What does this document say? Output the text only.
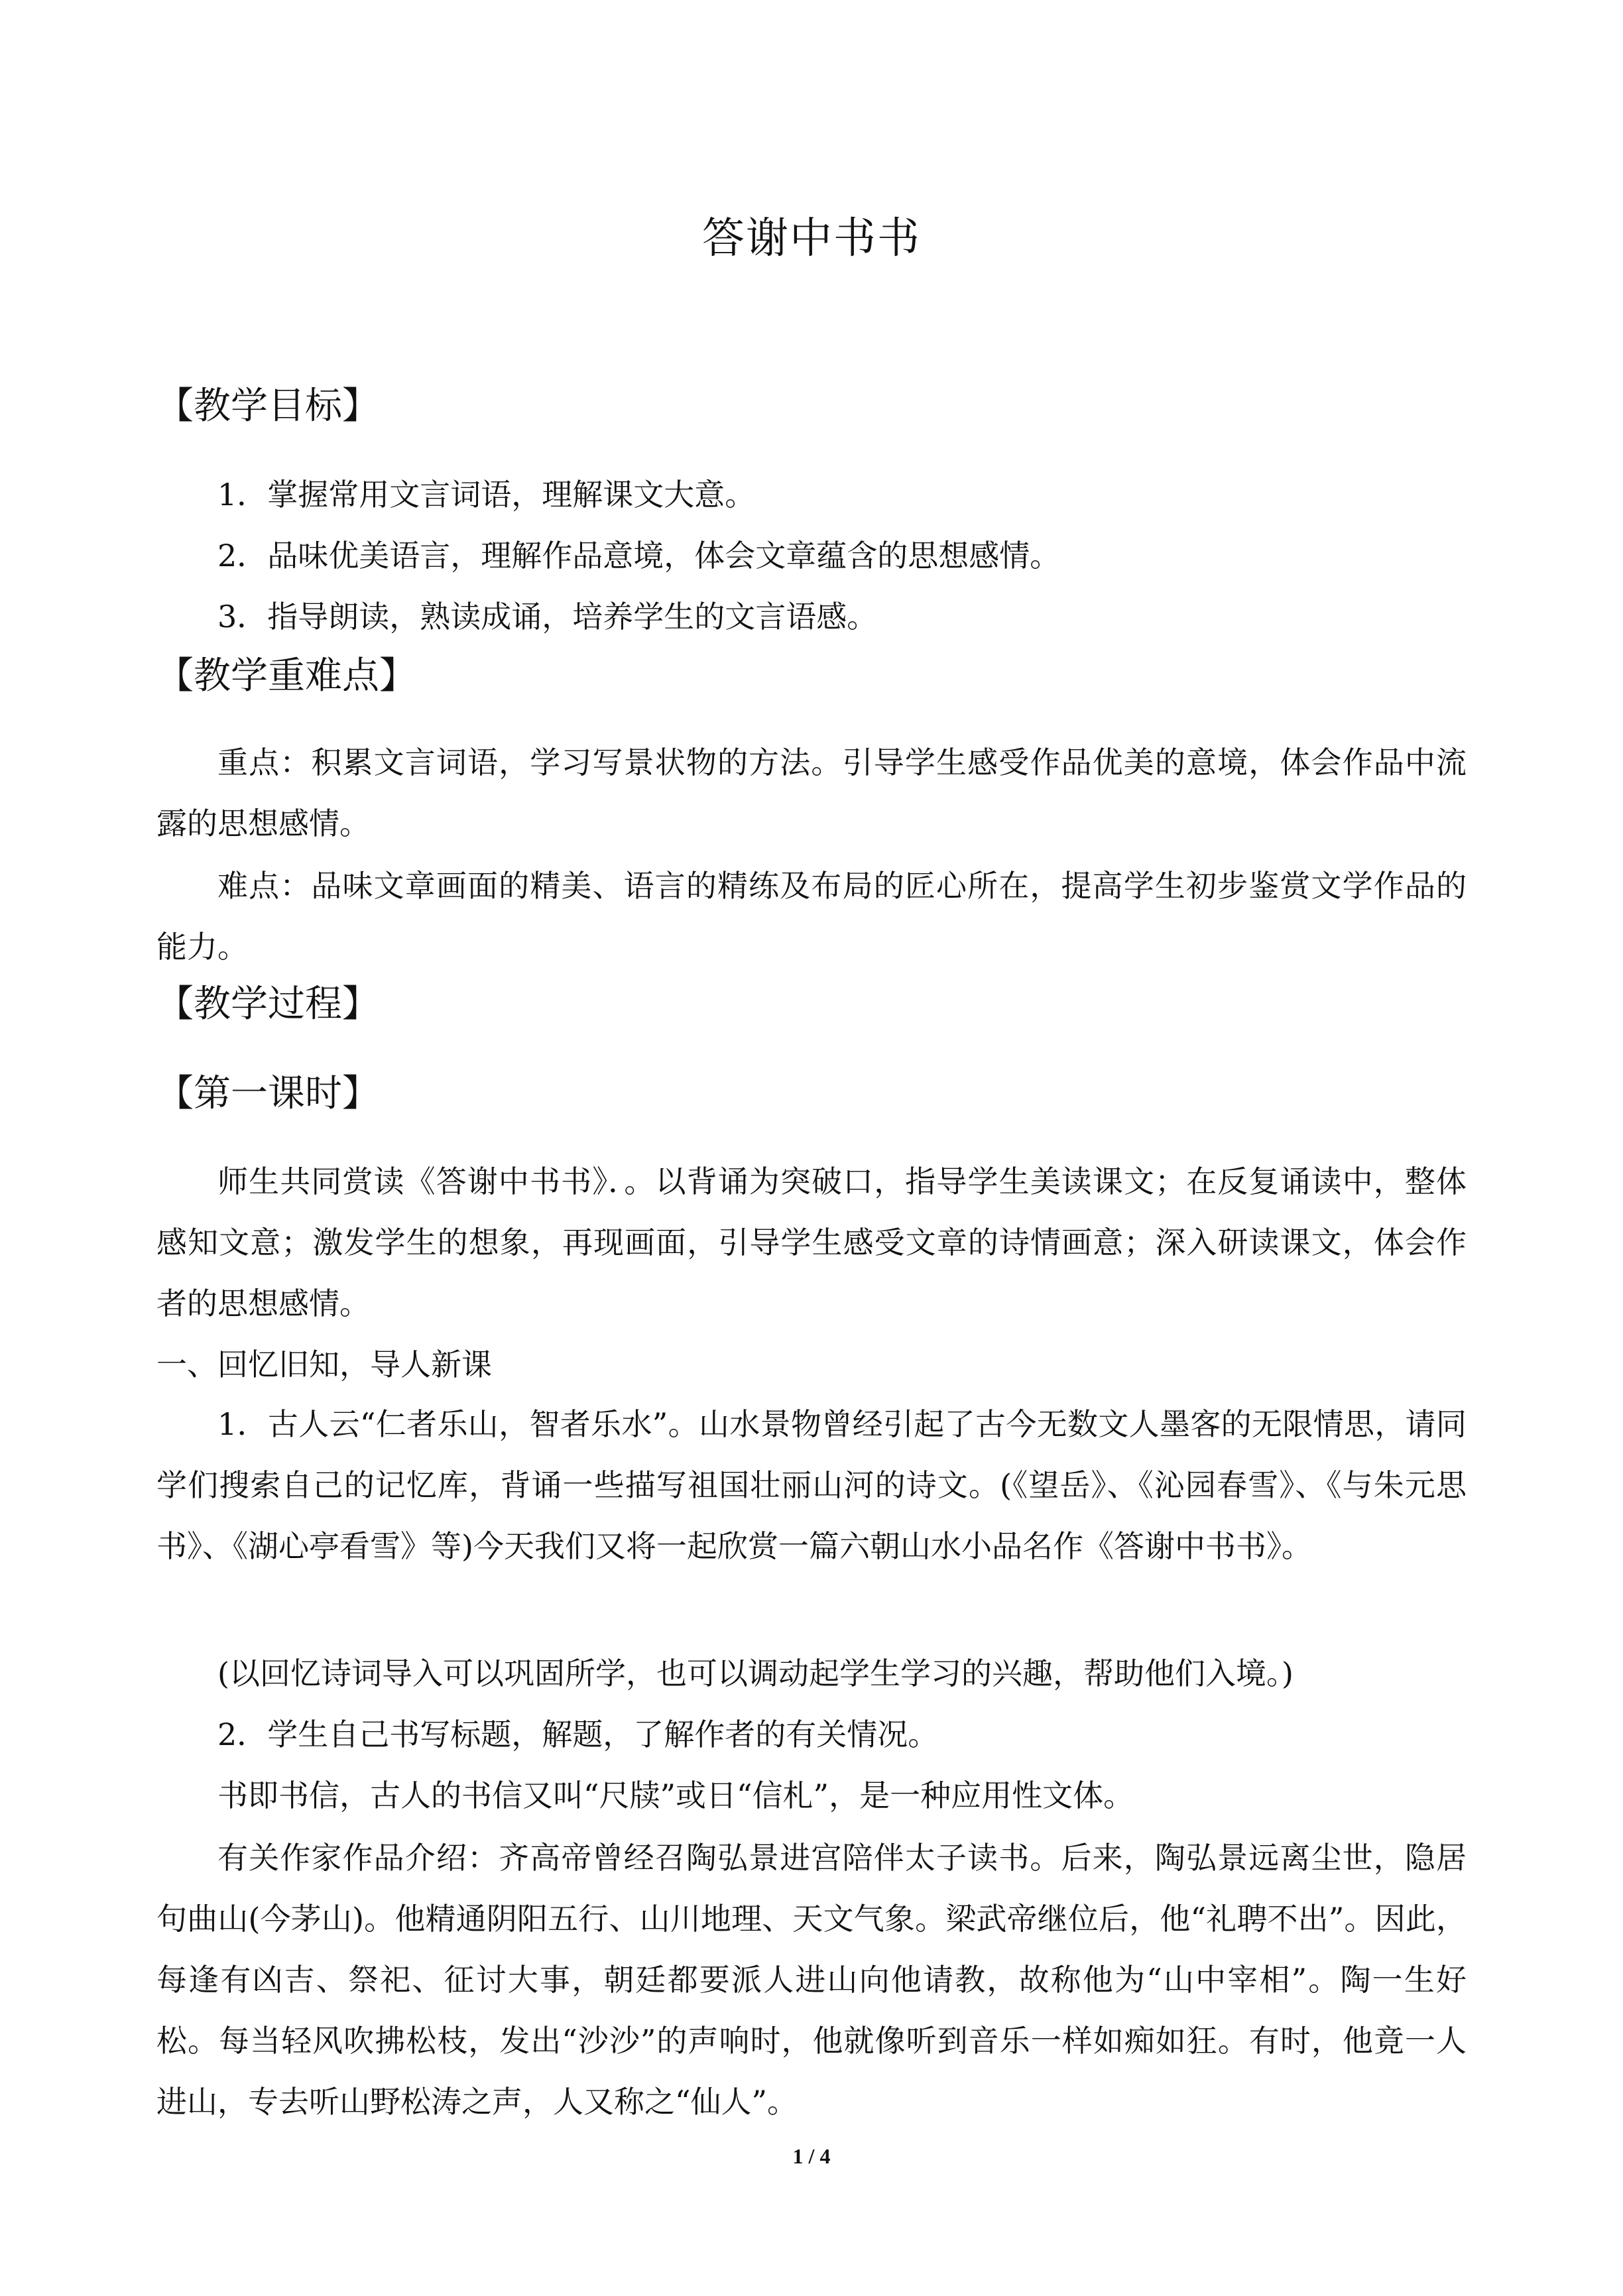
答谢中书书
【教学目标】
1．掌握常用文言词语，理解课文大意。
2．品味优美语言，理解作品意境，体会文章蕴含的思想感情。
3．指导朗读，熟读成诵，培养学生的文言语感。
【教学重难点】

重点：积累文言词语，学习写景状物的方法。引导学生感受作品优美的意境，体会作品中流露的思想感情。

难点：品味文章画面的精美、语言的精练及布局的匠心所在，提高学生初步鉴赏文学作品的能力。

【教学过程】
【第一课时】

师生共同赏读《答谢中书书》．。以背诵为突破口，指导学生美读课文；在反复诵读中，整体感知文意；激发学生的想象，再现画面，引导学生感受文章的诗情画意；深入研读课文，体会作者的思想感情。

一、回忆旧知，导人新课

1．古人云“仁者乐山，智者乐水”。山水景物曾经引起了古今无数文人墨客的无限情思，请同学们搜索自己的记忆库，背诵一些描写祖国壮丽山河的诗文。(《望岳》、《沁园春雪》、《与朱元思书》、《湖心亭看雪》等)今天我们又将一起欣赏一篇六朝山水小品名作《答谢中书书》。

(以回忆诗词导入可以巩固所学，也可以调动起学生学习的兴趣，帮助他们入境。)
2．学生自己书写标题，解题，了解作者的有关情况。
书即书信，古人的书信又叫“尺牍”或日“信札”，是一种应用性文体。

有关作家作品介绍：齐高帝曾经召陶弘景进宫陪伴太子读书。后来，陶弘景远离尘世，隐居句曲山(今茅山)。他精通阴阳五行、山川地理、天文气象。梁武帝继位后，他“礼聘不出”。因此，每逢有凶吉、祭祀、征讨大事，朝廷都要派人进山向他请教，故称他为“山中宰相”。陶一生好松。每当轻风吹拂松枝，发出“沙沙”的声响时，他就像听到音乐一样如痴如狂。有时，他竟一人进山，专去听山野松涛之声，人又称之“仙人”。

1 / 4
